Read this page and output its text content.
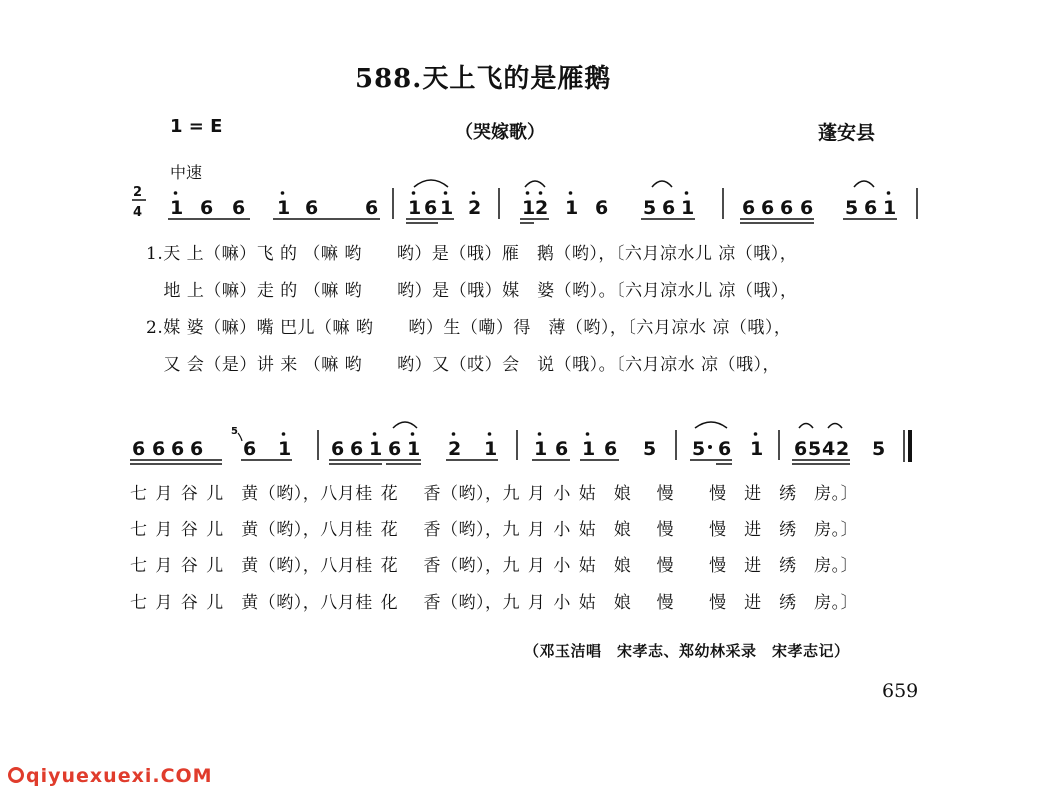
588.天上飞的是雁鹅
1 = E	（哭嫁歌）	蓬安县
中速
2
4 1 6 6 1 6 6 1 6 1 2 1 2 1 6 5 6 1	6 6 6 6 5 6 1
6 6 6 6
5
6 1 6 6 1 6 1 2 1 1 6 1 6 5 5 6 1 6 5 4 2 5
1.天 上（嘛）飞 的 （嘛 哟　　哟）是（哦）雁　鹅（哟），〔六月凉水儿 凉（哦），
　地 上（嘛）走 的 （嘛 哟　　哟）是（哦）媒　婆（哟）。〔六月凉水儿 凉（哦），
2.媒 婆（嘛）嘴 巴儿（嘛 哟　　哟）生（嘞）得　薄（哟），〔六月凉水 凉（哦），
　又 会（是）讲 来 （嘛 哟　　哟）又（哎）会　说（哦）。〔六月凉水 凉（哦），
七 月 谷 儿　黄（哟），八月桂 花　 香（哟），九 月 小 姑　娘　 慢　　慢　进　绣　房。〕
七 月 谷 儿　黄（哟），八月桂 花　 香（哟），九 月 小 姑　娘　 慢　　慢　进　绣　房。〕
七 月 谷 儿　黄（哟），八月桂 花　 香（哟），九 月 小 姑　娘　 慢　　慢　进　绣　房。〕
七 月 谷 儿　黄（哟），八月桂 化　 香（哟），九 月 小 姑　娘　 慢　　慢　进　绣　房。〕
（邓玉洁唱　宋孝志、郑幼林采录　宋孝志记）
659
qiyuexuexi.COM
